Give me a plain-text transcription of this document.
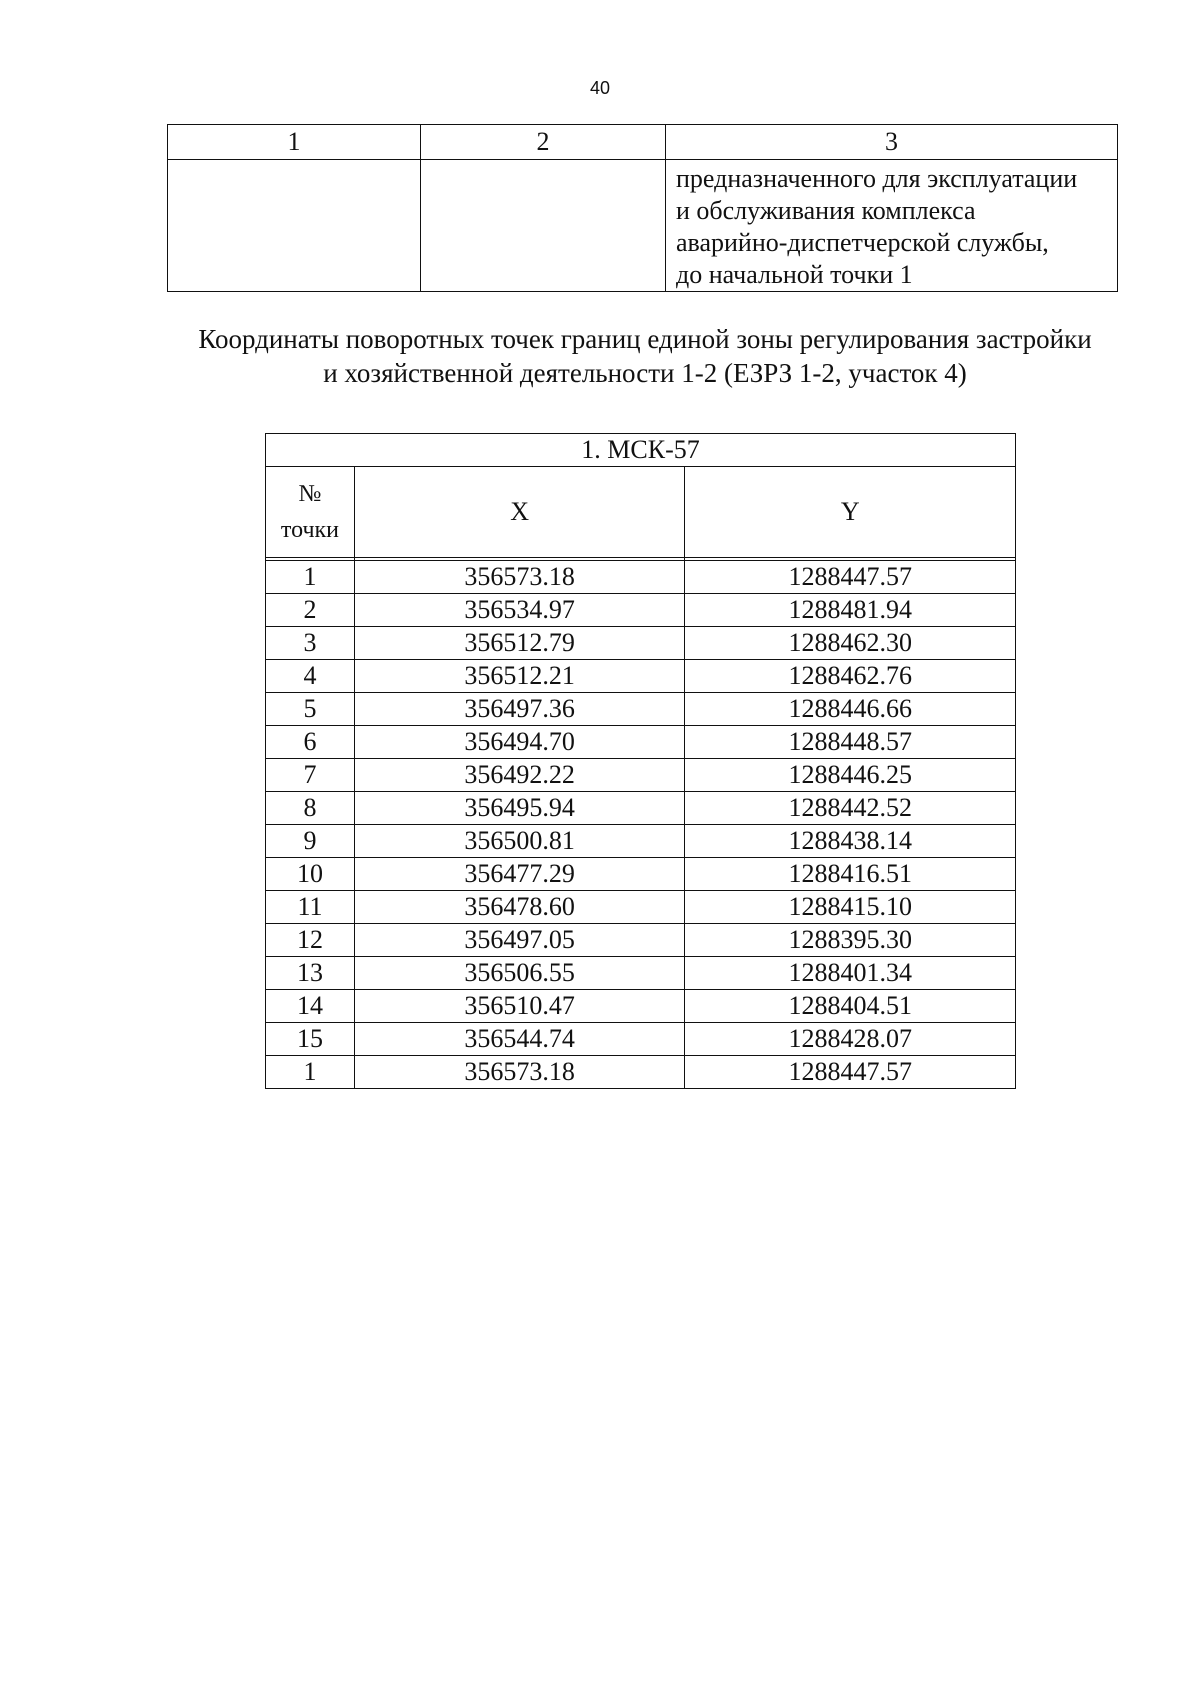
40
1	2	3

		предназначенного для эксплуатации
и обслуживания комплекса
аварийно-диспетчерской службы,
до начальной точки 1
Координаты поворотных точек границ единой зоны регулирования застройки
и хозяйственной деятельности 1-2 (ЕЗРЗ 1-2, участок 4)
1. МСК-57		

№
точки	X	Y

1	356573.18	1288447.57
2	356534.97	1288481.94
3	356512.79	1288462.30
4	356512.21	1288462.76
5	356497.36	1288446.66
6	356494.70	1288448.57
7	356492.22	1288446.25
8	356495.94	1288442.52
9	356500.81	1288438.14
10	356477.29	1288416.51
11	356478.60	1288415.10
12	356497.05	1288395.30
13	356506.55	1288401.34
14	356510.47	1288404.51
15	356544.74	1288428.07
1	356573.18	1288447.57
